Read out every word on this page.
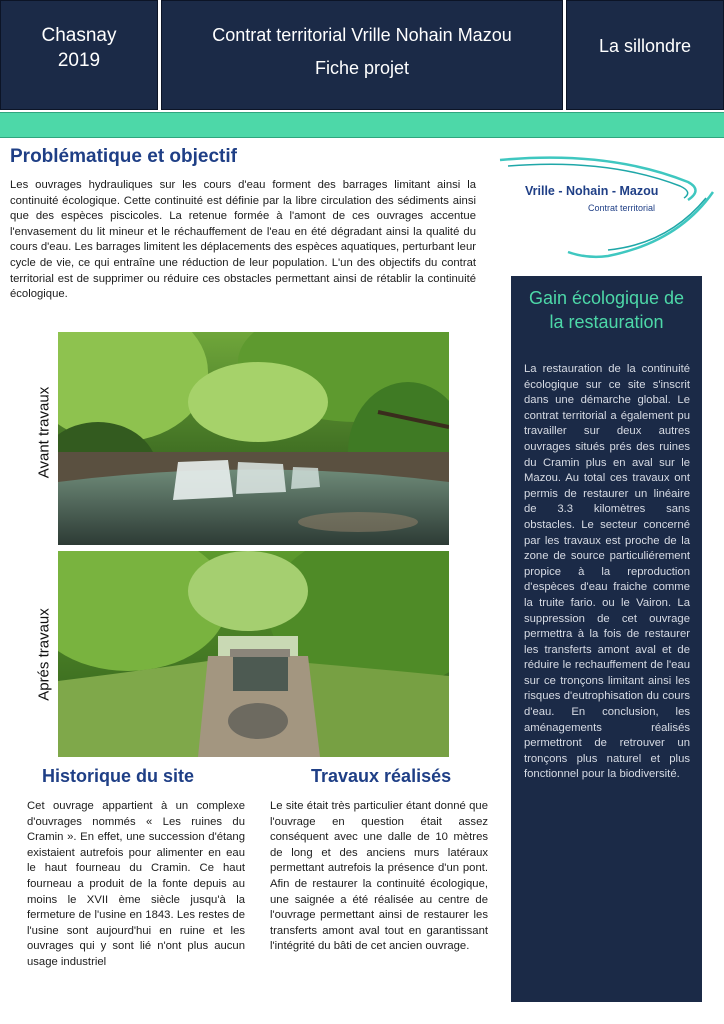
Chasnay
2019
Contrat territorial Vrille Nohain Mazou
Fiche projet
La sillondre
Problématique et objectif
Les ouvrages hydrauliques sur les cours d'eau forment des barrages limitant ainsi la continuité écologique. Cette continuité est définie par la libre circulation des sédiments ainsi que des espèces piscicoles. La retenue formée à l'amont de ces ouvrages accentue l'envasement du lit mineur et le réchauffement de l'eau en été dégradant ainsi la qualité du cours d'eau. Les barrages limitent les déplacements des espèces aquatiques, perturbant leur cycle de vie, ce qui entraîne une réduction de leur population. L'un des objectifs du contrat territorial est de supprimer ou réduire ces obstacles permettant ainsi de rétablir la continuité écologique.
Avant travaux
Aprés travaux
Historique du site
Cet ouvrage appartient à un complexe d'ouvrages nommés « Les ruines du Cramin ». En effet, une succession d'étang existaient autrefois pour alimenter en eau le haut fourneau du Cramin. Ce haut fourneau a produit de la fonte depuis au moins le XVII ème siècle jusqu'à la fermeture de l'usine en 1843. Les restes de l'usine sont aujourd'hui en ruine et les ouvrages qui y sont lié n'ont plus aucun usage industriel
Travaux réalisés
Le site était très particulier étant donné que l'ouvrage en question était assez conséquent avec une dalle de 10 mètres de long et des anciens murs latéraux permettant autrefois la présence d'un pont. Afin de restaurer la continuité écologique, une saignée a été réalisée au centre de l'ouvrage permettant ainsi de restaurer les transferts amont aval tout en garantissant l'intégrité du bâti de cet ancien ouvrage.
Vrille - Nohain - Mazou
Contrat territorial
Gain écologique de
la restauration
La restauration de la continuité écologique sur ce site s'inscrit dans une démarche global. Le contrat territorial a également pu travailler sur deux autres ouvrages situés prés des ruines du Cramin plus en aval sur le Mazou. Au total ces travaux ont permis de restaurer un linéaire de 3.3 kilomètres sans obstacles. Le secteur concerné par les travaux est proche de la zone de source particuliérement propice à la reproduction d'espèces d'eau fraiche comme la truite fario. ou le Vairon. La suppression de cet ouvrage permettra à la fois de restaurer les transferts amont aval et de réduire le rechauffement de l'eau sur ce tronçons limitant ainsi les risques d'eutrophisation du cours d'eau. En conclusion, les aménagements réalisés permettront de retrouver un tronçons plus naturel et plus fonctionnel pour la biodiversité.
